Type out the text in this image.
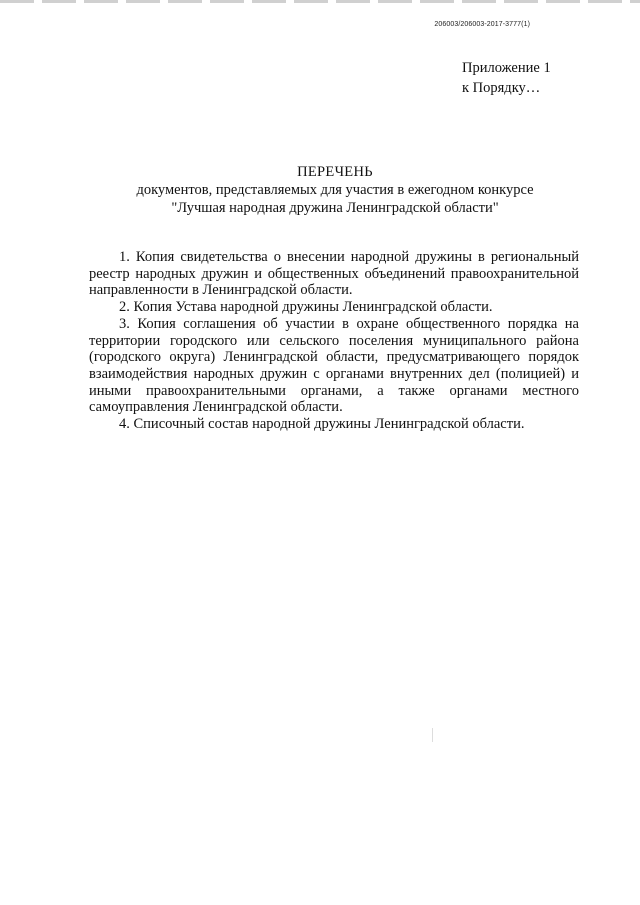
206003/206003-2017-3777(1)
Приложение 1
к Порядку…
ПЕРЕЧЕНЬ
документов, представляемых для участия в ежегодном конкурсе
"Лучшая народная дружина Ленинградской области"

1. Копия свидетельства о внесении народной дружины в региональный реестр народных дружин и общественных объединений правоохранительной направленности в Ленинградской области.

2. Копия Устава народной дружины Ленинградской области.

3. Копия соглашения об участии в охране общественного порядка на территории городского или сельского поселения муниципального района (городского округа) Ленинградской области, предусматривающего порядок взаимодействия народных дружин с органами внутренних дел (полицией) и иными правоохранительными органами, а также органами местного самоуправления Ленинградской области.

4. Списочный состав народной дружины Ленинградской области.
